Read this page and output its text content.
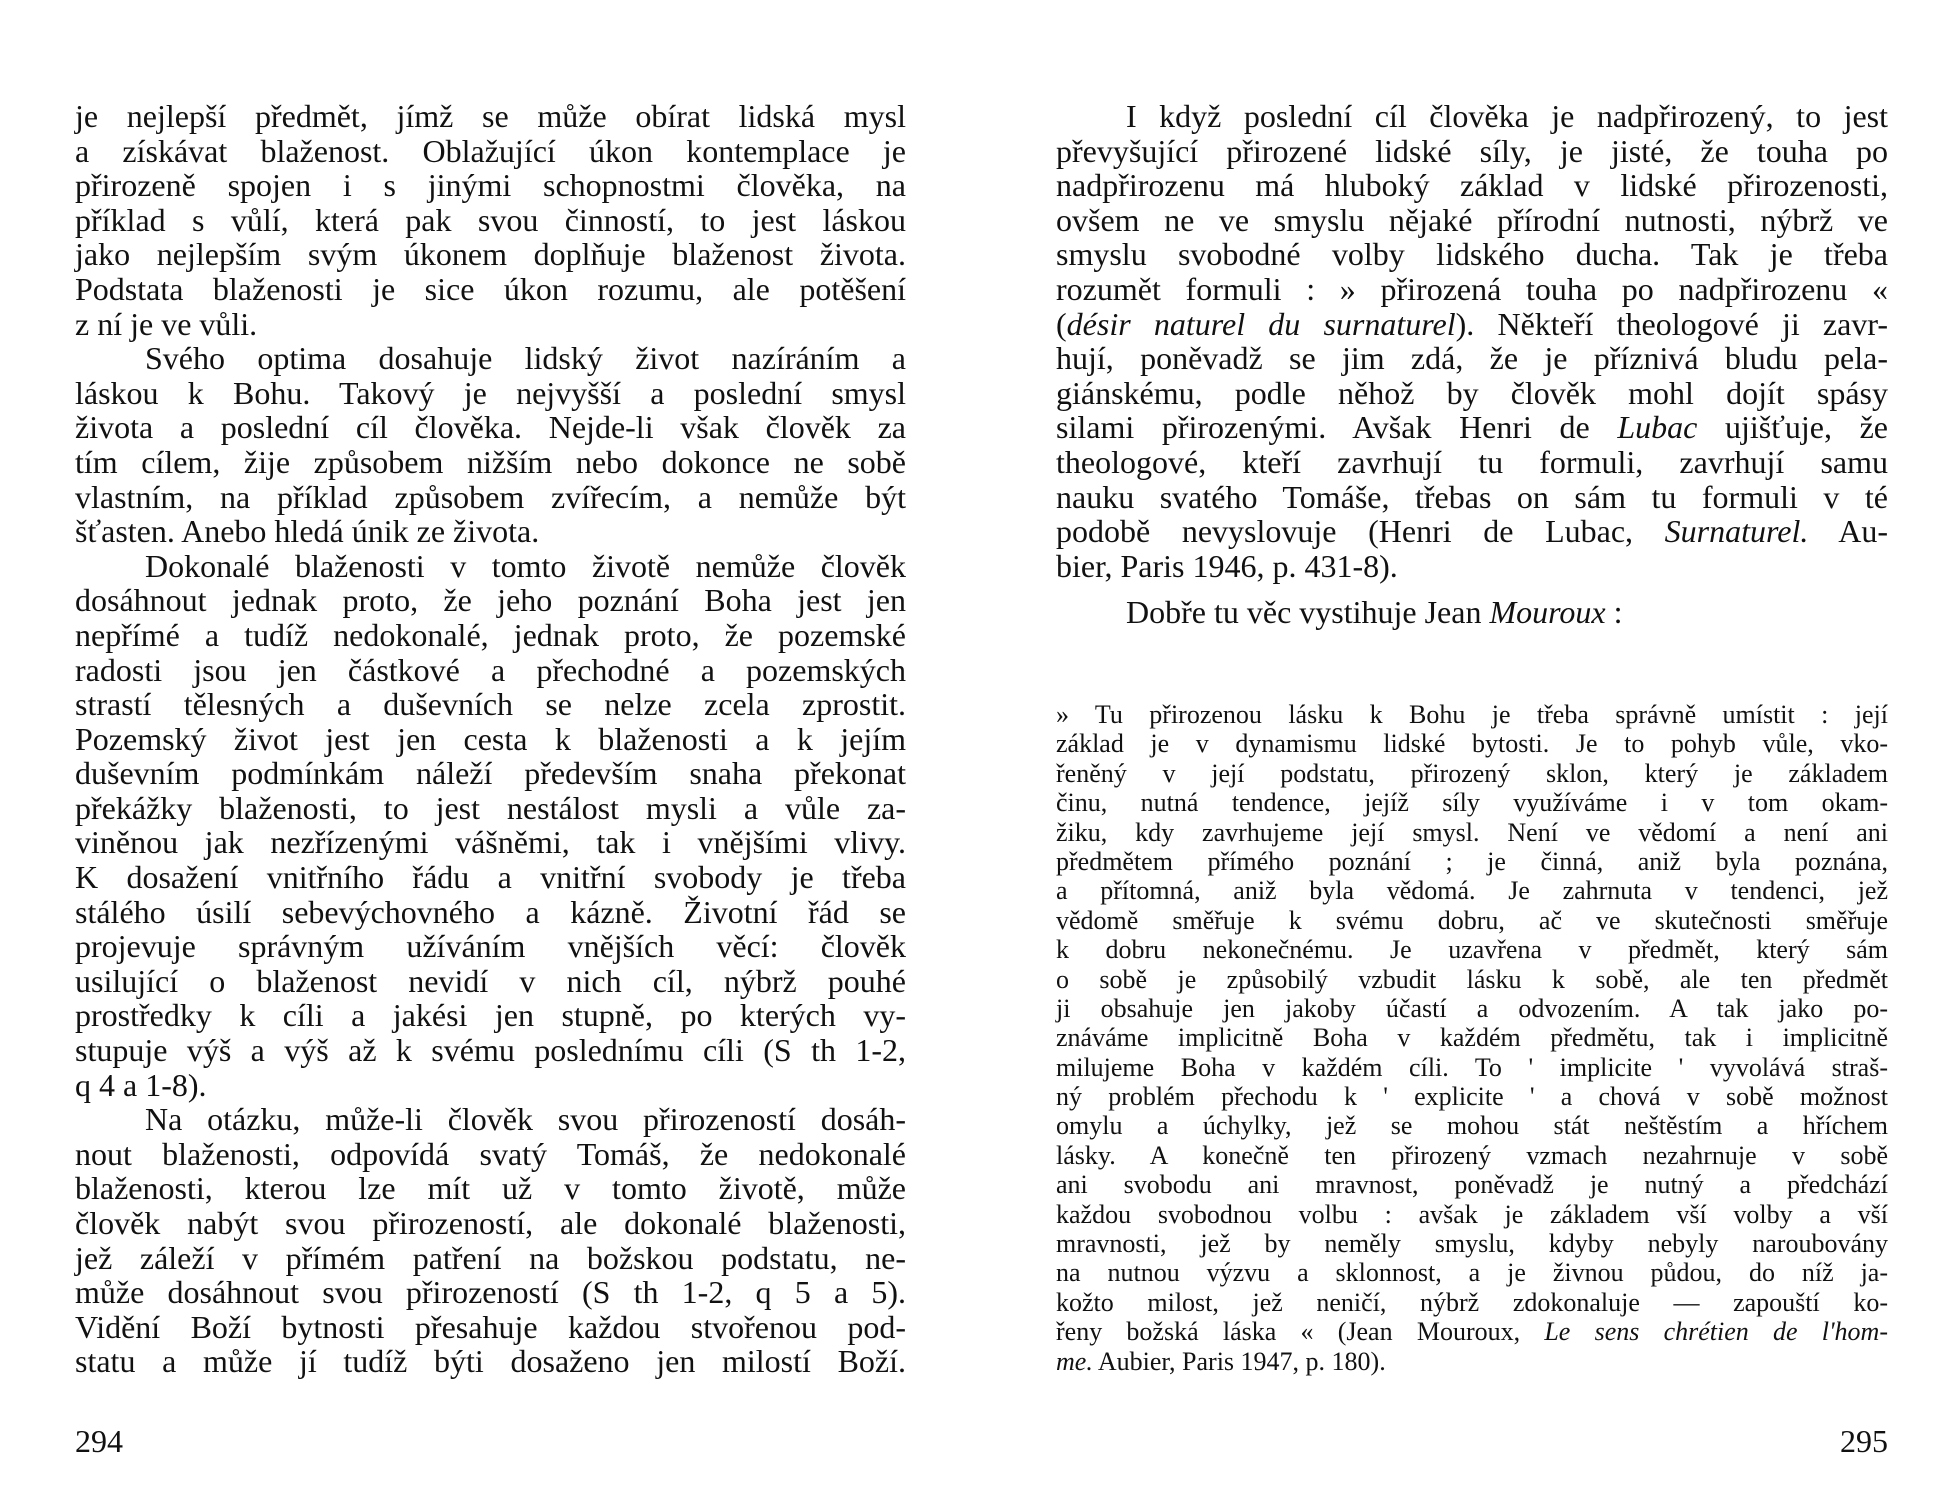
je nejlepší předmět, jímž se může obírat lidská mysl
a získávat blaženost. Oblažující úkon kontemplace je
přirozeně spojen i s jinými schopnostmi člověka, na
příklad s vůlí, která pak svou činností, to jest láskou
jako nejlepším svým úkonem doplňuje blaženost života.
Podstata blaženosti je sice úkon rozumu, ale potěšení
z ní je ve vůli.
Svého optima dosahuje lidský život nazíráním a
láskou k Bohu. Takový je nejvyšší a poslední smysl
života a poslední cíl člověka. Nejde-li však člověk za
tím cílem, žije způsobem nižším nebo dokonce ne sobě
vlastním, na příklad způsobem zvířecím, a nemůže být
šťasten. Anebo hledá únik ze života.
Dokonalé blaženosti v tomto životě nemůže člověk
dosáhnout jednak proto, že jeho poznání Boha jest jen
nepřímé a tudíž nedokonalé, jednak proto, že pozemské
radosti jsou jen částkové a přechodné a pozemských
strastí tělesných a duševních se nelze zcela zprostit.
Pozemský život jest jen cesta k blaženosti a k jejím
duševním podmínkám náleží především snaha překonat
překážky blaženosti, to jest nestálost mysli a vůle za-
viněnou jak nezřízenými vášněmi, tak i vnějšími vlivy.
K dosažení vnitřního řádu a vnitřní svobody je třeba
stálého úsilí sebevýchovného a kázně. Životní řád se
projevuje správným užíváním vnějších věcí: člověk
usilující o blaženost nevidí v nich cíl, nýbrž pouhé
prostředky k cíli a jakési jen stupně, po kterých vy-
stupuje výš a výš až k svému poslednímu cíli (S th 1-2,
q 4 a 1-8).
Na otázku, může-li člověk svou přirozeností dosáh-
nout blaženosti, odpovídá svatý Tomáš, že nedokonalé
blaženosti, kterou lze mít už v tomto životě, může
člověk nabýt svou přirozeností, ale dokonalé blaženosti,
jež záleží v přímém patření na božskou podstatu, ne-
může dosáhnout svou přirozeností (S th 1-2, q 5 a 5).
Vidění Boží bytnosti přesahuje každou stvořenou pod-
statu a může jí tudíž býti dosaženo jen milostí Boží.
I když poslední cíl člověka je nadpřirozený, to jest
převyšující přirozené lidské síly, je jisté, že touha po
nadpřirozenu má hluboký základ v lidské přirozenosti,
ovšem ne ve smyslu nějaké přírodní nutnosti, nýbrž ve
smyslu svobodné volby lidského ducha. Tak je třeba
rozumět formuli : » přirozená touha po nadpřirozenu «
(désir naturel du surnaturel). Někteří theologové ji zavr-
hují, poněvadž se jim zdá, že je příznivá bludu pela-
giánskému, podle něhož by člověk mohl dojít spásy
silami přirozenými. Avšak Henri de Lubac ujišťuje, že
theologové, kteří zavrhují tu formuli, zavrhují samu
nauku svatého Tomáše, třebas on sám tu formuli v té
podobě nevyslovuje (Henri de Lubac, Surnaturel. Au-
bier, Paris 1946, p. 431-8).
Dobře tu věc vystihuje Jean Mouroux :
» Tu přirozenou lásku k Bohu je třeba správně umístit : její
základ je v dynamismu lidské bytosti. Je to pohyb vůle, vko-
řeněný v její podstatu, přirozený sklon, který je základem
činu, nutná tendence, jejíž síly využíváme i v tom okam-
žiku, kdy zavrhujeme její smysl. Není ve vědomí a není ani
předmětem přímého poznání ; je činná, aniž byla poznána,
a přítomná, aniž byla vědomá. Je zahrnuta v tendenci, jež
vědomě směřuje k svému dobru, ač ve skutečnosti směřuje
k dobru nekonečnému. Je uzavřena v předmět, který sám
o sobě je způsobilý vzbudit lásku k sobě, ale ten předmět
ji obsahuje jen jakoby účastí a odvozením. A tak jako po-
znáváme implicitně Boha v každém předmětu, tak i implicitně
milujeme Boha v každém cíli. To ' implicite ' vyvolává straš-
ný problém přechodu k ' explicite ' a chová v sobě možnost
omylu a úchylky, jež se mohou stát neštěstím a hříchem
lásky. A konečně ten přirozený vzmach nezahrnuje v sobě
ani svobodu ani mravnost, poněvadž je nutný a předchází
každou svobodnou volbu : avšak je základem vší volby a vší
mravnosti, jež by neměly smyslu, kdyby nebyly naroubovány
na nutnou výzvu a sklonnost, a je živnou půdou, do níž ja-
kožto milost, jež neničí, nýbrž zdokonaluje — zapouští ko-
řeny božská láska « (Jean Mouroux, Le sens chrétien de l'hom-
me. Aubier, Paris 1947, p. 180).
294	295
